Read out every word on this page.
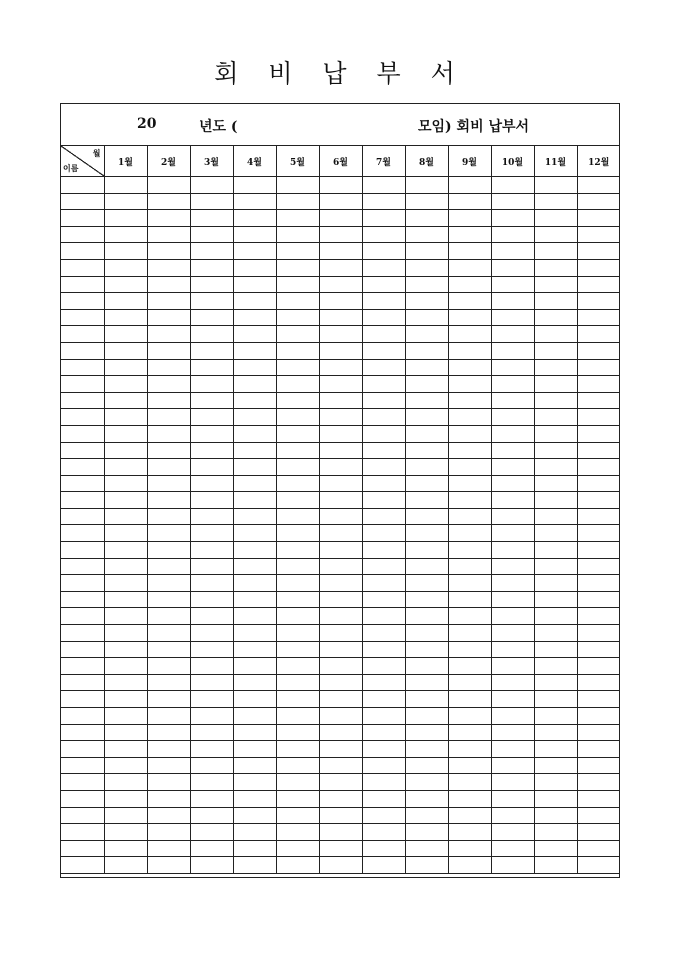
회 비 납 부 서
20	년도 (	모임) 회비 납부서
월
이름	1월	2월	3월	4월	5월	6월	7월	8월	9월	10월	11월	12월
